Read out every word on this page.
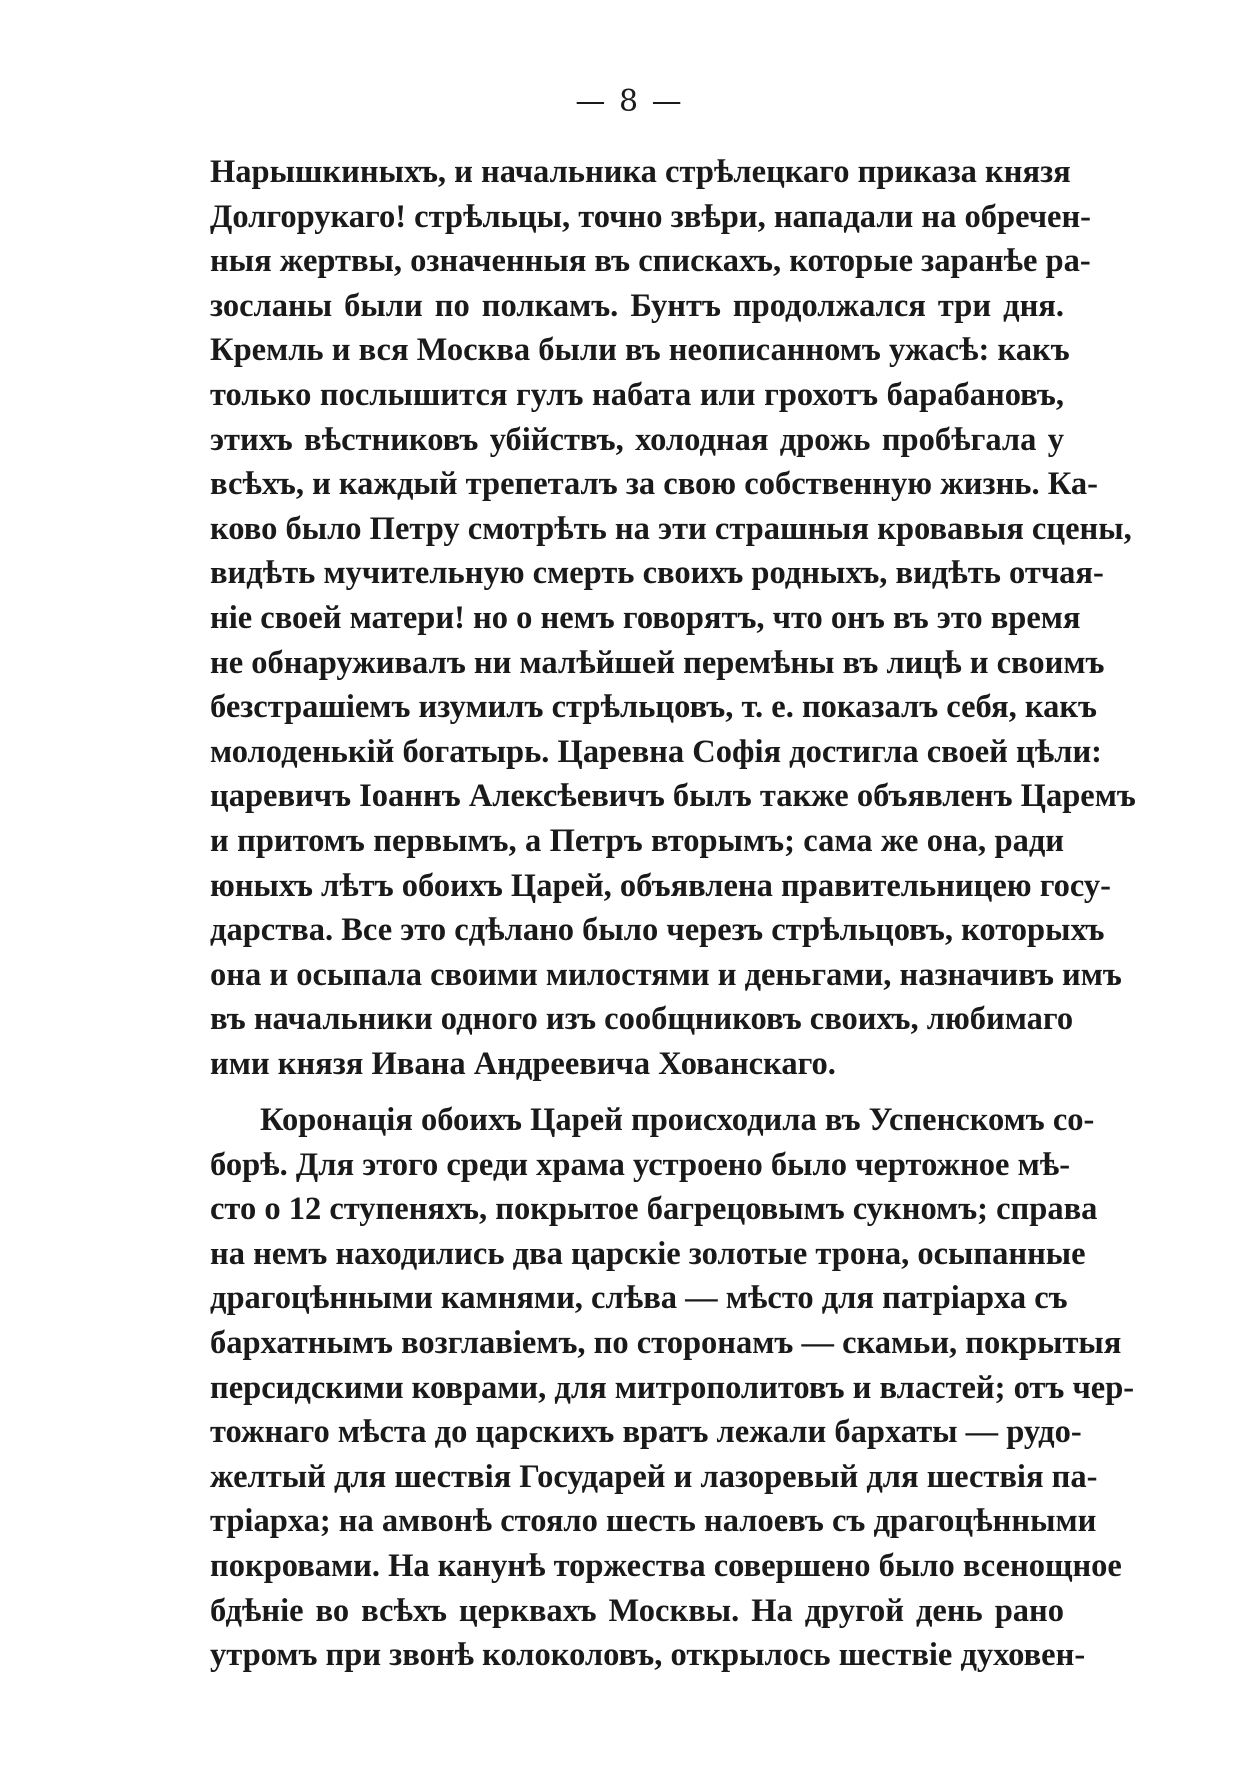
— 8 —
Нарышкиныхъ, и начальника стрѣлецкаго приказа князя
Долгорукаго! стрѣльцы, точно звѣри, нападали на обречен-
ныя жертвы, означенныя въ спискахъ, которые заранѣе ра-
зосланы были по полкамъ. Бунтъ продолжался три дня.
Кремль и вся Москва были въ неописанномъ ужасѣ: какъ
только послышится гулъ набата или грохотъ барабановъ,
этихъ вѣстниковъ убійствъ, холодная дрожь пробѣгала у
всѣхъ, и каждый трепеталъ за свою собственную жизнь. Ка-
ково было Петру смотрѣть на эти страшныя кровавыя сцены,
видѣть мучительную смерть своихъ родныхъ, видѣть отчая-
ніе своей матери! но о немъ говорятъ, что онъ въ это время
не обнаруживалъ ни малѣйшей перемѣны въ лицѣ и своимъ
безстрашіемъ изумилъ стрѣльцовъ, т. е. показалъ себя, какъ
молоденькій богатырь. Царевна Софія достигла своей цѣли:
царевичъ Іоаннъ Алексѣевичъ былъ также объявленъ Царемъ
и притомъ первымъ, а Петръ вторымъ; сама же она, ради
юныхъ лѣтъ обоихъ Царей, объявлена правительницею госу-
дарства. Все это сдѣлано было черезъ стрѣльцовъ, которыхъ
она и осыпала своими милостями и деньгами, назначивъ имъ
въ начальники одного изъ сообщниковъ своихъ, любимаго
ими князя Ивана Андреевича Хованскаго.
Коронація обоихъ Царей происходила въ Успенскомъ со-
борѣ. Для этого среди храма устроено было чертожное мѣ-
сто о 12 ступеняхъ, покрытое багрецовымъ сукномъ; справа
на немъ находились два царскіе золотые трона, осыпанные
драгоцѣнными камнями, слѣва — мѣсто для патріарха съ
бархатнымъ возглавіемъ, по сторонамъ — скамьи, покрытыя
персидскими коврами, для митрополитовъ и властей; отъ чер-
тожнаго мѣста до царскихъ вратъ лежали бархаты — рудо-
желтый для шествія Государей и лазоревый для шествія па-
тріарха; на амвонѣ стояло шесть налоевъ съ драгоцѣнными
покровами. На канунѣ торжества совершено было всенощное
бдѣніе во всѣхъ церквахъ Москвы. На другой день рано
утромъ при звонѣ колоколовъ, открылось шествіе духовен-
